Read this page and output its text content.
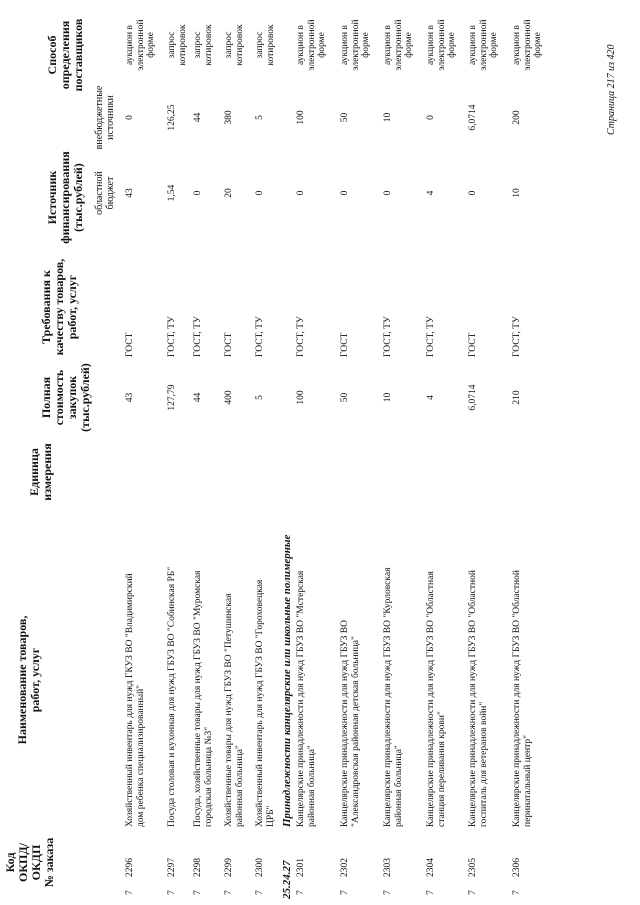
Код ОКПД/ ОКДП № заказа
Наименование товаров, работ, услуг
Единица измерения
Полная стоимость закупок (тыс.рублей)
Требования к качеству товаров, работ, услуг
Источник финансирования (тыс.рублей) областной бюджет
внебюджетные источники
Способ определения поставщиков
7
2296
Хозяйственный инвентарь для нужд ГКУЗ ВО "Владимирский дом ребенка специализированный"
43
ГОСТ
43
0
аукцион в электронной форме
7
2297
Посуда столовая и кухонная для нужд ГБУЗ ВО "Собинская РБ"
127,79
ГОСТ, ТУ
1,54
126,25
запрос котировок
7
2298
Посуда, хозяйственные товары для нужд ГБУЗ ВО "Муромская городская больница №3"
44
ГОСТ, ТУ
0
44
запрос котировок
7
2299
Хозяйственные товары для нужд ГБУЗ ВО "Петушинская районная больница"
400
ГОСТ
20
380
запрос котировок
7
2300
Хозяйственный инвентарь для нужд ГБУЗ ВО "Гороховецкая ЦРБ"
5
ГОСТ, ТУ
0
5
запрос котировок
25.24.27
Принадлежности канцелярские или школьные полимерные
7
2301
Канцелярские принадлежности для нужд ГБУЗ ВО "Мстерская районная больница"
100
ГОСТ, ТУ
0
100
аукцион в электронной форме
7
2302
Канцелярские принадлежности для нужд ГБУЗ ВО "Александровская районная детская больница"
50
ГОСТ
0
50
аукцион в электронной форме
7
2303
Канцелярские принадлежности для нужд ГБУЗ ВО "Курловская районная больница"
10
ГОСТ, ТУ
0
10
аукцион в электронной форме
7
2304
Канцелярские принадлежности для нужд ГБУЗ ВО "Областная станция переливания крови"
4
ГОСТ, ТУ
4
0
аукцион в электронной форме
7
2305
Канцелярские принадлежности для нужд ГБУЗ ВО "Областной госпиталь для ветеранов войн"
6,0714
ГОСТ
0
6,0714
аукцион в электронной форме
7
2306
Канцелярские принадлежности для нужд ГБУЗ ВО "Областной перинатальный центр"
210
ГОСТ, ТУ
10
200
аукцион в электронной форме	Страница 217 из 420
